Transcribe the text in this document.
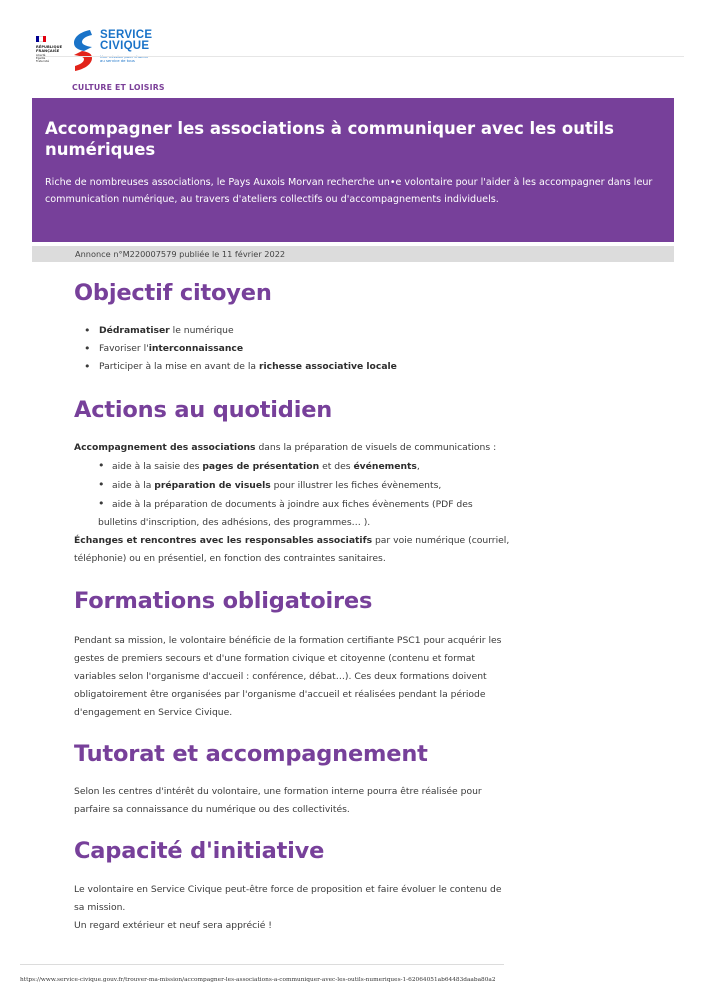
RÉPUBLIQUE
FRANÇAISE
Égalité
Fraternité
SERVICE
CIVIQUE
au service de tous
CULTURE ET LOISIRS
Accompagner les associations à communiquer avec les outils numériques

Riche de nombreuses associations, le Pays Auxois Morvan recherche un•e volontaire pour l'aider à les accompagner dans leur communication numérique, au travers d'ateliers collectifs ou d'accompagnements individuels.

Annonce n°M220007579 publiée le 11 février 2022
Objectif citoyen
• Dédramatiser le numérique
• Favoriser l'interconnaissance
• Participer à la mise en avant de la richesse associative locale
Actions au quotidien

Accompagnement des associations dans la préparation de visuels de communications :

• aide à la saisie des pages de présentation et des événements,
• aide à la préparation de visuels pour illustrer les fiches évènements,
• aide à la préparation de documents à joindre aux fiches évènements (PDF des bulletins d'inscription, des adhésions, des programmes… ).

Échanges et rencontres avec les responsables associatifs par voie numérique (courriel, téléphonie) ou en présentiel, en fonction des contraintes sanitaires.

Formations obligatoires

Pendant sa mission, le volontaire bénéficie de la formation certifiante PSC1 pour acquérir les gestes de premiers secours et d'une formation civique et citoyenne (contenu et format variables selon l'organisme d'accueil : conférence, débat…). Ces deux formations doivent obligatoirement être organisées par l'organisme d'accueil et réalisées pendant la période d'engagement en Service Civique.

Tutorat et accompagnement

Selon les centres d'intérêt du volontaire, une formation interne pourra être réalisée pour parfaire sa connaissance du numérique ou des collectivités.

Capacité d'initiative

Le volontaire en Service Civique peut-être force de proposition et faire évoluer le contenu de sa mission.

Un regard extérieur et neuf sera apprécié !

https://www.service-civique.gouv.fr/trouver-ma-mission/accompagner-les-associations-a-communiquer-avec-les-outils-numeriques-1-62064051ab64483daaba80a2
